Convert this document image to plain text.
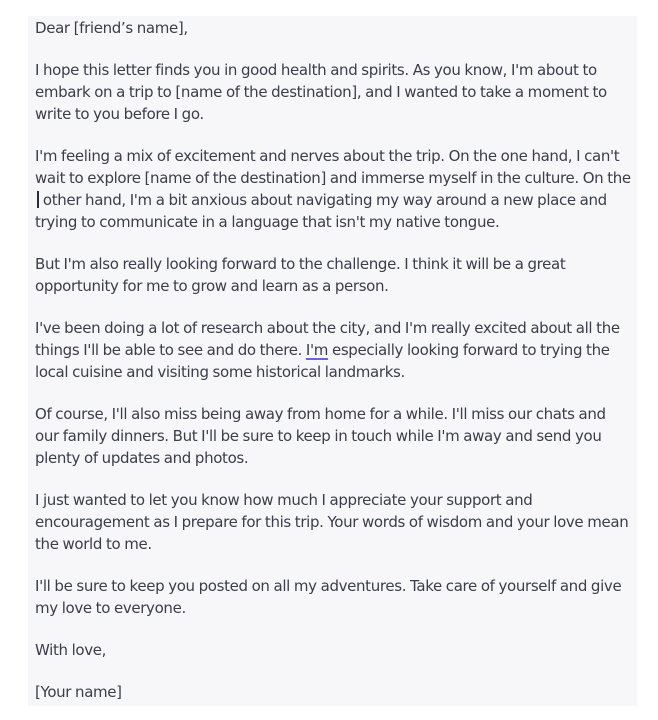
Dear [friend’s name],

I hope this letter finds you in good health and spirits. As you know, I'm about to embark on a trip to [name of the destination], and I wanted to take a moment to write to you before I go.

I'm feeling a mix of excitement and nerves about the trip. On the one hand, I can't wait to explore [name of the destination] and immerse myself in the culture. On the other hand, I'm a bit anxious about navigating my way around a new place and trying to communicate in a language that isn't my native tongue.

But I'm also really looking forward to the challenge. I think it will be a great opportunity for me to grow and learn as a person.

I've been doing a lot of research about the city, and I'm really excited about all the things I'll be able to see and do there. I'm especially looking forward to trying the local cuisine and visiting some historical landmarks.

Of course, I'll also miss being away from home for a while. I'll miss our chats and our family dinners. But I'll be sure to keep in touch while I'm away and send you plenty of updates and photos.

I just wanted to let you know how much I appreciate your support and encouragement as I prepare for this trip. Your words of wisdom and your love mean the world to me.

I'll be sure to keep you posted on all my adventures. Take care of yourself and give my love to everyone.

With love,

[Your name]
